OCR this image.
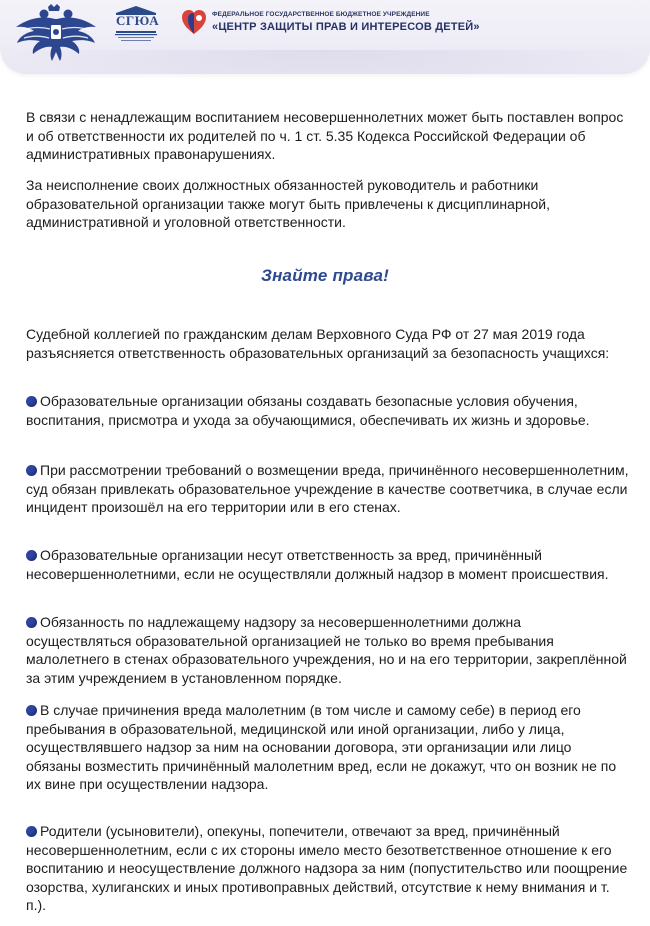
СГЮА	ФЕДЕРАЛЬНОЕ ГОСУДАРСТВЕННОЕ БЮДЖЕТНОЕ УЧРЕЖДЕНИЕ
«ЦЕНТР ЗАЩИТЫ ПРАВ И ИНТЕРЕСОВ ДЕТЕЙ»

В связи с ненадлежащим воспитанием несовершеннолетних может быть поставлен вопрос и об ответственности их родителей по ч. 1 ст. 5.35 Кодекса Российской Федерации об административных правонарушениях.

За неисполнение своих должностных обязанностей руководитель и работники образовательной организации также могут быть привлечены к дисциплинарной, административной и уголовной ответственности.

Знайте права!

Судебной коллегией по гражданским делам Верховного Суда РФ от 27 мая 2019 года разъясняется ответственность образовательных организаций за безопасность учащихся:

Образовательные организации обязаны создавать безопасные условия обучения, воспитания, присмотра и ухода за обучающимися, обеспечивать их жизнь и здоровье.

При рассмотрении требований о возмещении вреда, причинённого несовершеннолетним, суд обязан привлекать образовательное учреждение в качестве соответчика, в случае если инцидент произошёл на его территории или в его стенах.

Образовательные организации несут ответственность за вред, причинённый несовершеннолетними, если не осуществляли должный надзор в момент происшествия.

Обязанность по надлежащему надзору за несовершеннолетними должна осуществляться образовательной организацией не только во время пребывания малолетнего в стенах образовательного учреждения, но и на его территории, закреплённой за этим учреждением в установленном порядке.

В случае причинения вреда малолетним (в том числе и самому себе) в период его пребывания в образовательной, медицинской или иной организации, либо у лица, осуществлявшего надзор за ним на основании договора, эти организации или лицо обязаны возместить причинённый малолетним вред, если не докажут, что он возник не по их вине при осуществлении надзора.

Родители (усыновители), опекуны, попечители, отвечают за вред, причинённый несовершеннолетним, если с их стороны имело место безответственное отношение к его воспитанию и неосуществление должного надзора за ним (попустительство или поощрение озорства, хулиганских и иных противоправных действий, отсутствие к нему внимания и т. п.).
